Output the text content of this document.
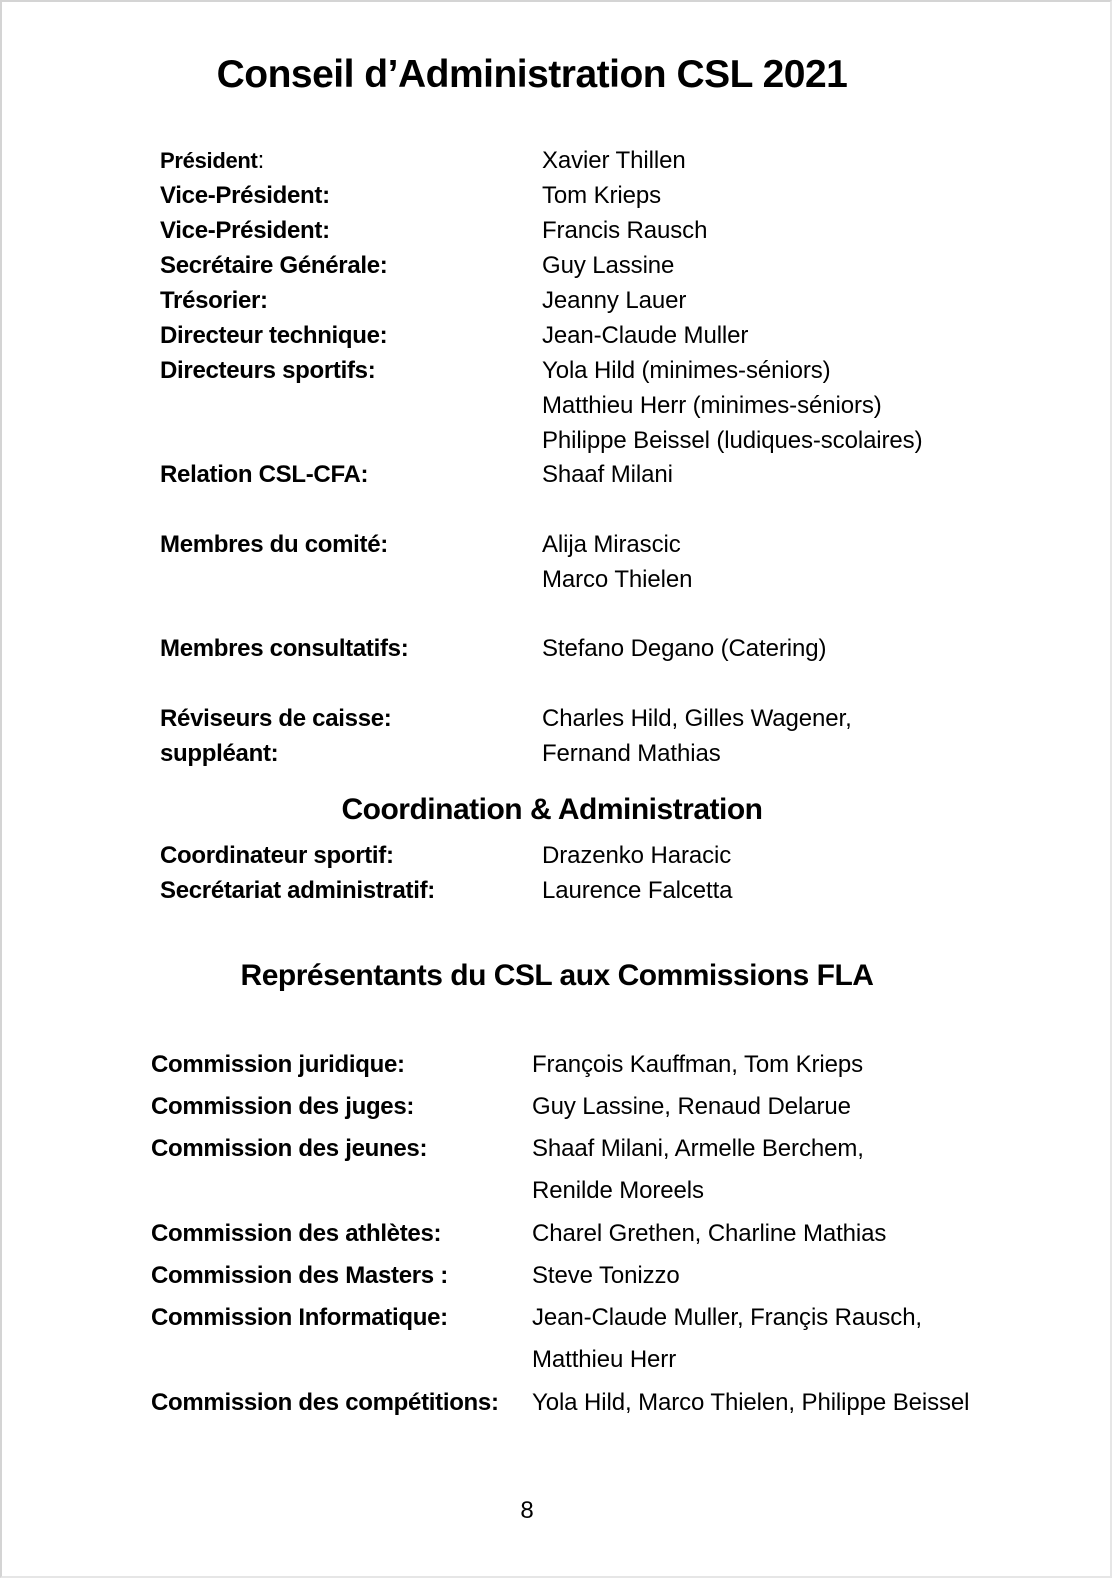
Conseil d’Administration CSL 2021
Président:	Xavier Thillen
Vice-Président:	Tom Krieps
Vice-Président:	Francis Rausch
Secrétaire Générale:	Guy Lassine
Trésorier:	Jeanny Lauer
Directeur technique:	Jean-Claude Muller
Directeurs sportifs:	Yola Hild (minimes-séniors)
Matthieu Herr (minimes-séniors)
Philippe Beissel (ludiques-scolaires)
Relation CSL-CFA:	Shaaf Milani
Membres du comité:	Alija Mirascic
Marco Thielen
Membres consultatifs:	Stefano Degano (Catering)
Réviseurs de caisse:	Charles Hild, Gilles Wagener,
suppléant:	Fernand Mathias
Coordination & Administration
Coordinateur sportif:	Drazenko Haracic
Secrétariat administratif:	Laurence Falcetta
Représentants du CSL aux Commissions FLA
Commission juridique:	François Kauffman, Tom Krieps
Commission des juges:	Guy Lassine, Renaud Delarue
Commission des jeunes:	Shaaf Milani, Armelle Berchem,
Renilde Moreels
Commission des athlètes:	Charel Grethen, Charline Mathias
Commission des Masters :	Steve Tonizzo
Commission Informatique:	Jean-Claude Muller, Françis Rausch,
Matthieu Herr
Commission des compétitions: Yola Hild, Marco Thielen, Philippe Beissel
8
